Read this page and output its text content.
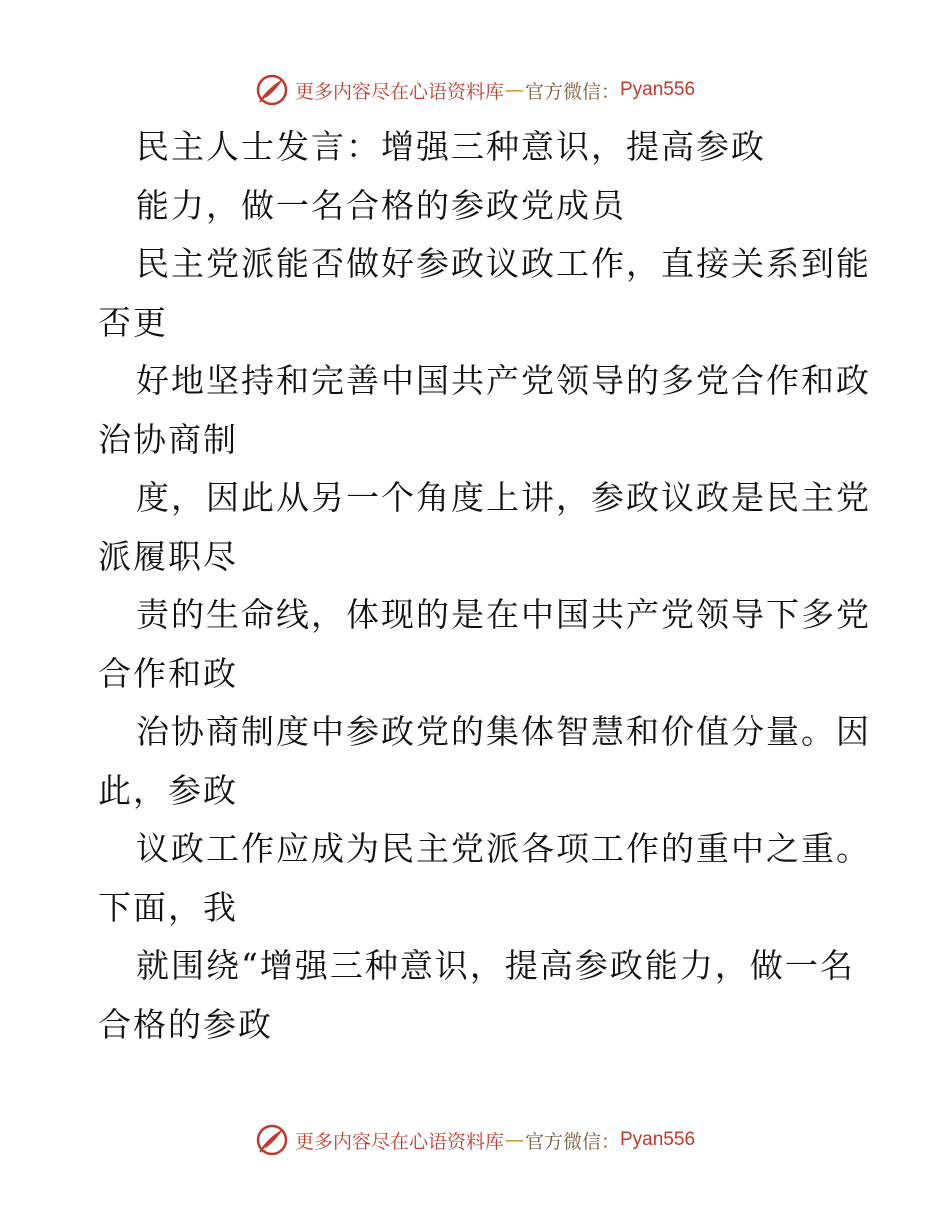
更多内容尽在心语资料库 — 官方微信： Pyan556
民主人士发言：增强三种意识，提高参政
能力，做一名合格的参政党成员
民主党派能否做好参政议政工作，直接关系到能
否更
好地坚持和完善中国共产党领导的多党合作和政
治协商制
度，因此从另一个角度上讲，参政议政是民主党
派履职尽
责的生命线，体现的是在中国共产党领导下多党
合作和政
治协商制度中参政党的集体智慧和价值分量。因
此，参政
议政工作应成为民主党派各项工作的重中之重。
下面，我
就围绕“增强三种意识，提高参政能力，做一名
合格的参政
更多内容尽在心语资料库 — 官方微信： Pyan556
